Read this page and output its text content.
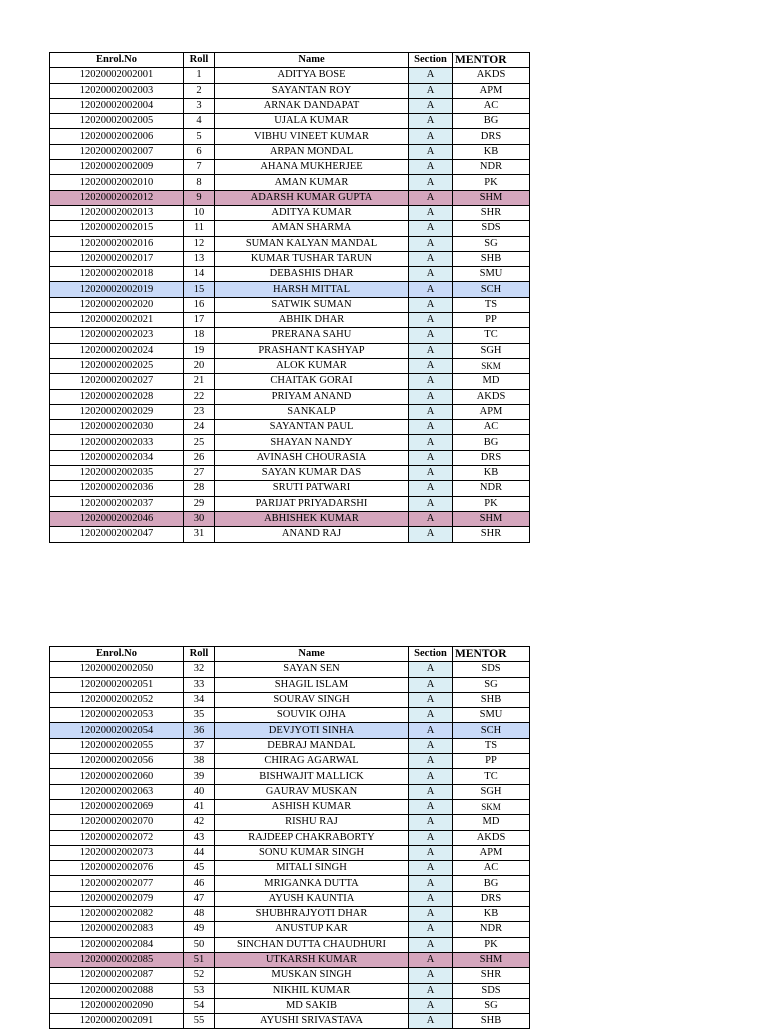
Enrol.No	Roll	Name	Section	MENTOR
12020002002001	1	ADITYA BOSE	A	AKDS
12020002002003	2	SAYANTAN ROY	A	APM
12020002002004	3	ARNAK DANDAPAT	A	AC
12020002002005	4	UJALA KUMAR	A	BG
12020002002006	5	VIBHU VINEET KUMAR	A	DRS
12020002002007	6	ARPAN MONDAL	A	KB
12020002002009	7	AHANA MUKHERJEE	A	NDR
12020002002010	8	AMAN KUMAR	A	PK
12020002002012	9	ADARSH KUMAR GUPTA	A	SHM
12020002002013	10	ADITYA KUMAR	A	SHR
12020002002015	11	AMAN SHARMA	A	SDS
12020002002016	12	SUMAN KALYAN MANDAL	A	SG
12020002002017	13	KUMAR TUSHAR TARUN	A	SHB
12020002002018	14	DEBASHIS DHAR	A	SMU
12020002002019	15	HARSH MITTAL	A	SCH
12020002002020	16	SATWIK SUMAN	A	TS
12020002002021	17	ABHIK DHAR	A	PP
12020002002023	18	PRERANA SAHU	A	TC
12020002002024	19	PRASHANT KASHYAP	A	SGH
12020002002025	20	ALOK KUMAR	A	SKM
12020002002027	21	CHAITAK GORAI	A	MD
12020002002028	22	PRIYAM ANAND	A	AKDS
12020002002029	23	SANKALP	A	APM
12020002002030	24	SAYANTAN PAUL	A	AC
12020002002033	25	SHAYAN NANDY	A	BG
12020002002034	26	AVINASH CHOURASIA	A	DRS
12020002002035	27	SAYAN KUMAR DAS	A	KB
12020002002036	28	SRUTI PATWARI	A	NDR
12020002002037	29	PARIJAT PRIYADARSHI	A	PK
12020002002046	30	ABHISHEK KUMAR	A	SHM
12020002002047	31	ANAND RAJ	A	SHR
Enrol.No	Roll	Name	Section	MENTOR
12020002002050	32	SAYAN SEN	A	SDS
12020002002051	33	SHAGIL ISLAM	A	SG
12020002002052	34	SOURAV SINGH	A	SHB
12020002002053	35	SOUVIK OJHA	A	SMU
12020002002054	36	DEVJYOTI SINHA	A	SCH
12020002002055	37	DEBRAJ MANDAL	A	TS
12020002002056	38	CHIRAG AGARWAL	A	PP
12020002002060	39	BISHWAJIT MALLICK	A	TC
12020002002063	40	GAURAV MUSKAN	A	SGH
12020002002069	41	ASHISH KUMAR	A	SKM
12020002002070	42	RISHU RAJ	A	MD
12020002002072	43	RAJDEEP CHAKRABORTY	A	AKDS
12020002002073	44	SONU KUMAR SINGH	A	APM
12020002002076	45	MITALI SINGH	A	AC
12020002002077	46	MRIGANKA DUTTA	A	BG
12020002002079	47	AYUSH KAUNTIA	A	DRS
12020002002082	48	SHUBHRAJYOTI DHAR	A	KB
12020002002083	49	ANUSTUP KAR	A	NDR
12020002002084	50	SINCHAN DUTTA CHAUDHURI	A	PK
12020002002085	51	UTKARSH KUMAR	A	SHM
12020002002087	52	MUSKAN SINGH	A	SHR
12020002002088	53	NIKHIL KUMAR	A	SDS
12020002002090	54	MD SAKIB	A	SG
12020002002091	55	AYUSHI SRIVASTAVA	A	SHB
